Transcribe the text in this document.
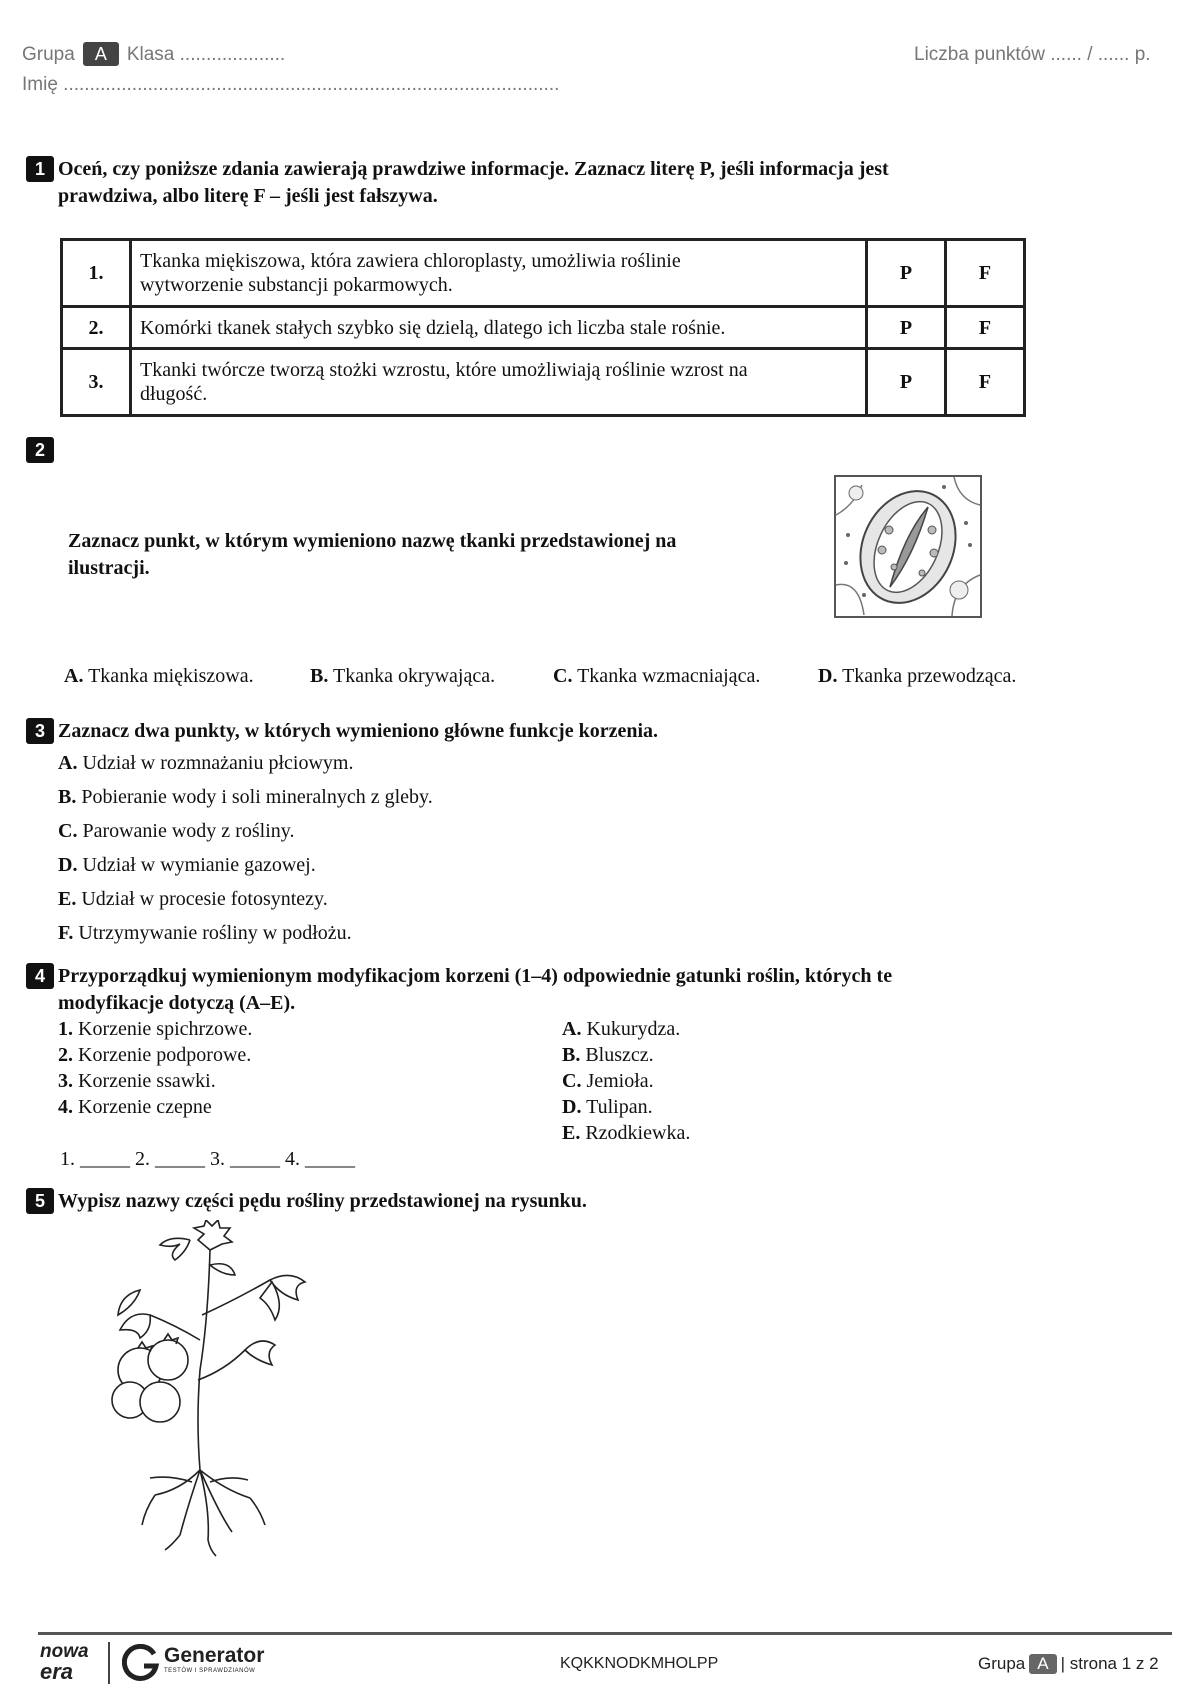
Grupa A Klasa ....................	Liczba punktów ...... / ...... p.
Imię ..............................................................................................
1 Oceń, czy poniższe zdania zawierają prawdziwe informacje. Zaznacz literę P, jeśli informacja jest
prawdziwa, albo literę F – jeśli jest fałszywa.
1.	Tkanka miękiszowa, która zawiera chloroplasty, umożliwia roślinie
wytworzenie substancji pokarmowych.	P	F
2.	Komórki tkanek stałych szybko się dzielą, dlatego ich liczba stale rośnie.	P	F
3.	Tkanki twórcze tworzą stożki wzrostu, które umożliwiają roślinie wzrost na
długość.	P	F
2
Zaznacz punkt, w którym wymieniono nazwę tkanki przedstawionej na
ilustracji.
A. Tkanka miękiszowa.	B. Tkanka okrywająca.	C. Tkanka wzmacniająca.	D. Tkanka przewodząca.
3 Zaznacz dwa punkty, w których wymieniono główne funkcje korzenia.
A. Udział w rozmnażaniu płciowym.
B. Pobieranie wody i soli mineralnych z gleby.
C. Parowanie wody z rośliny.
D. Udział w wymianie gazowej.
E. Udział w procesie fotosyntezy.
F. Utrzymywanie rośliny w podłożu.
4 Przyporządkuj wymienionym modyfikacjom korzeni (1–4) odpowiednie gatunki roślin, których te
modyfikacje dotyczą (A–E).
1. Korzenie spichrzowe.
2. Korzenie podporowe.
3. Korzenie ssawki.
4. Korzenie czepne
A. Kukurydza.
B. Bluszcz.
C. Jemioła.
D. Tulipan.
E. Rzodkiewka.
1. _____ 2. _____ 3. _____ 4. _____
5 Wypisz nazwy części pędu rośliny przedstawionej na rysunku.
nowa
era
Generator
TESTÓW I SPRAWDZIANÓW	KQKKNODKMHOLPP	Grupa A | strona 1 z 2
